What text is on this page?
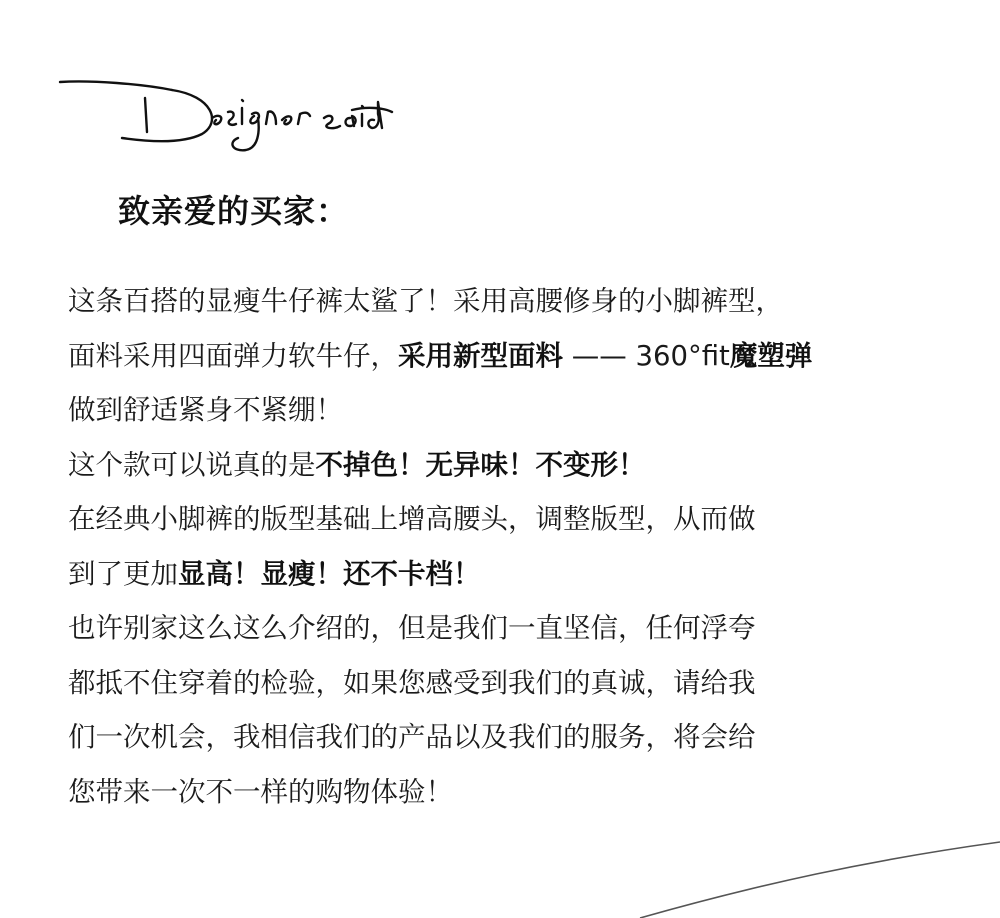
致亲爱的买家：
这条百搭的显瘦牛仔裤太鲨了！采用高腰修身的小脚裤型，
面料采用四面弹力软牛仔，采用新型面料 —— 360°fit魔塑弹
做到舒适紧身不紧绷！
这个款可以说真的是不掉色！无异味！不变形！
在经典小脚裤的版型基础上增高腰头，调整版型，从而做
到了更加显高！显瘦！还不卡档！
也许别家这么这么介绍的，但是我们一直坚信，任何浮夸
都抵不住穿着的检验，如果您感受到我们的真诚，请给我
们一次机会，我相信我们的产品以及我们的服务，将会给
您带来一次不一样的购物体验！
